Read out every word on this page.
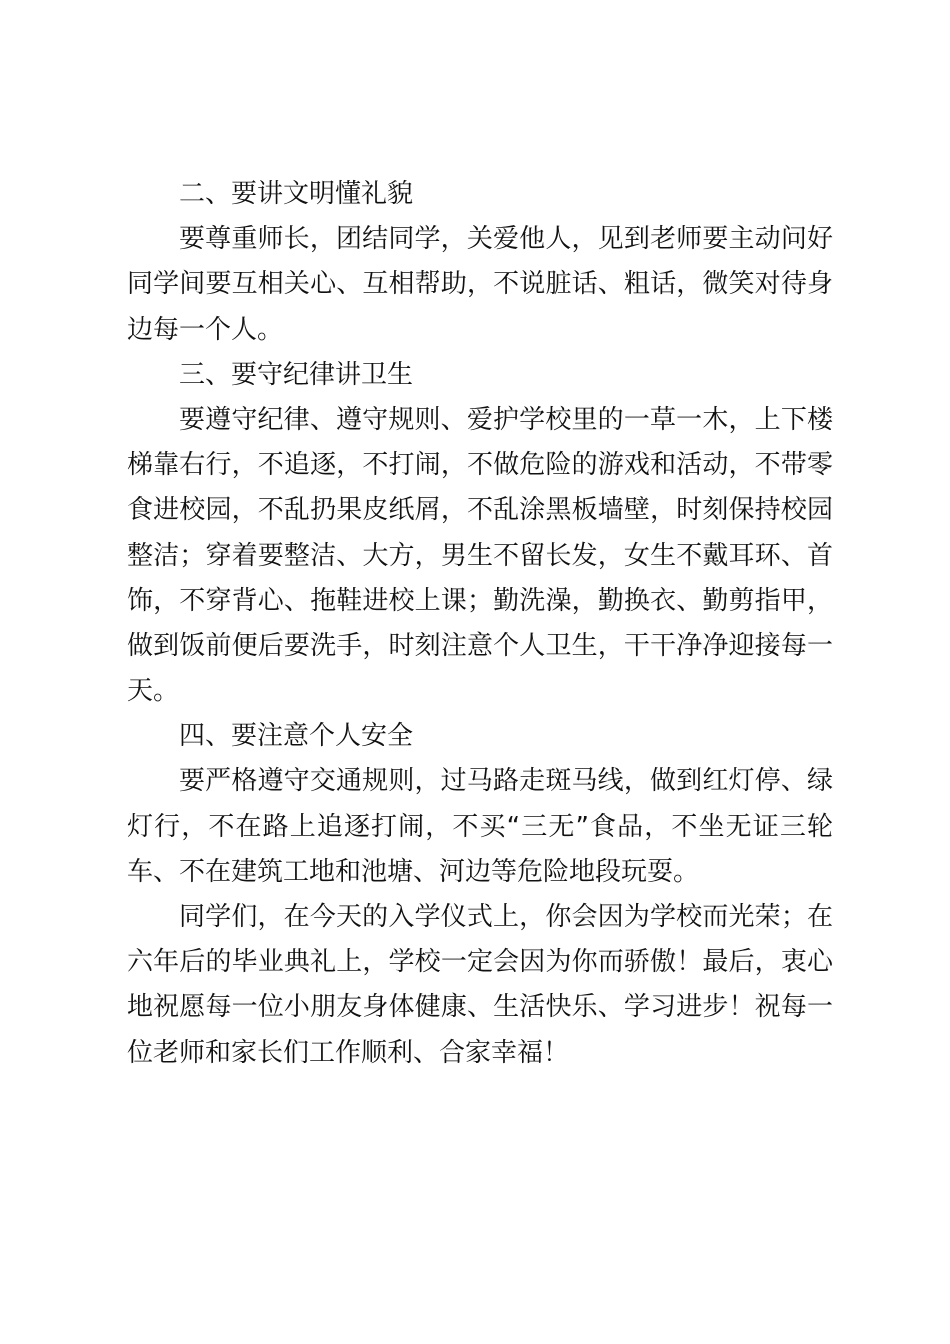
二、要讲文明懂礼貌

要尊重师长，团结同学，关爱他人，见到老师要主动问好

同学间要互相关心、互相帮助，不说脏话、粗话，微笑对待身

边每一个人。

三、要守纪律讲卫生

要遵守纪律、遵守规则、爱护学校里的一草一木，上下楼

梯靠右行，不追逐，不打闹，不做危险的游戏和活动，不带零

食进校园，不乱扔果皮纸屑，不乱涂黑板墙壁，时刻保持校园

整洁；穿着要整洁、大方，男生不留长发，女生不戴耳环、首

饰，不穿背心、拖鞋进校上课；勤洗澡，勤换衣、勤剪指甲，

做到饭前便后要洗手，时刻注意个人卫生，干干净净迎接每一

天。

四、要注意个人安全

要严格遵守交通规则，过马路走斑马线，做到红灯停、绿

灯行，不在路上追逐打闹，不买“三无”食品，不坐无证三轮

车、不在建筑工地和池塘、河边等危险地段玩耍。

同学们，在今天的入学仪式上，你会因为学校而光荣；在

六年后的毕业典礼上，学校一定会因为你而骄傲！最后，衷心

地祝愿每一位小朋友身体健康、生活快乐、学习进步！祝每一

位老师和家长们工作顺利、合家幸福！
